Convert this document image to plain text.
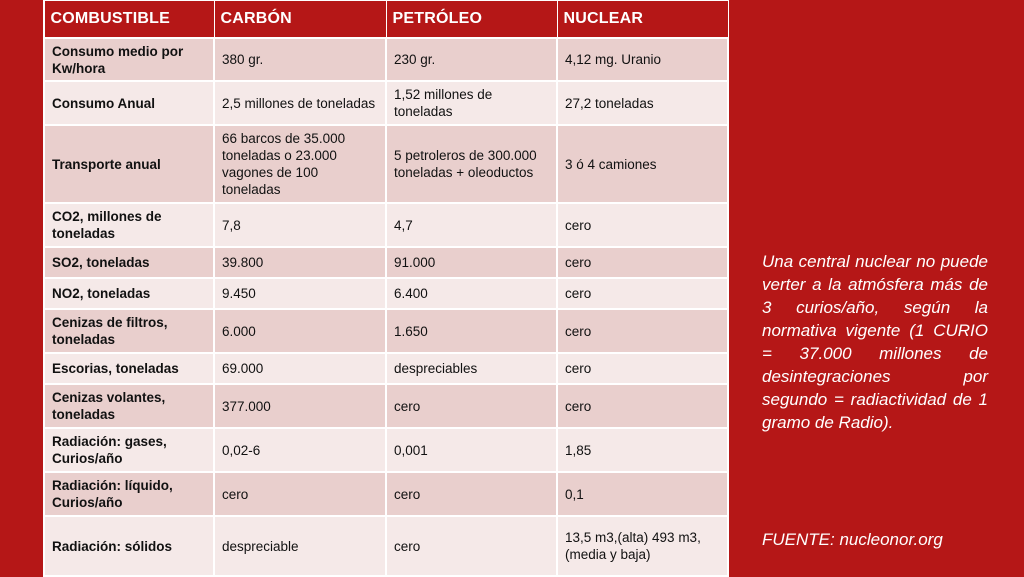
COMBUSTIBLE	CARBÓN	PETRÓLEO	NUCLEAR
Consumo medio por Kw/hora	380 gr.	230 gr.	4,12 mg. Uranio
Consumo Anual	2,5 millones de toneladas	1,52 millones de toneladas	27,2 toneladas
Transporte anual	66 barcos de 35.000 toneladas o 23.000 vagones de 100 toneladas	5 petroleros de 300.000 toneladas + oleoductos	3 ó 4 camiones
CO2, millones de toneladas	7,8	4,7	cero
SO2, toneladas	39.800	91.000	cero
NO2, toneladas	9.450	6.400	cero
Cenizas de filtros, toneladas	6.000	1.650	cero
Escorias, toneladas	69.000	despreciables	cero
Cenizas volantes, toneladas	377.000	cero	cero
Radiación: gases, Curios/año	0,02-6	0,001	1,85
Radiación: líquido, Curios/año	cero	cero	0,1
Radiación: sólidos	despreciable	cero	13,5 m3,(alta) 493 m3, (media y baja)
Una central nuclear no puede verter a la atmósfera más de 3 curios/año, según la normativa vigente (1 CURIO = 37.000 millones de desintegraciones por segundo = radiactividad de 1 gramo de Radio).
FUENTE: nucleonor.org
